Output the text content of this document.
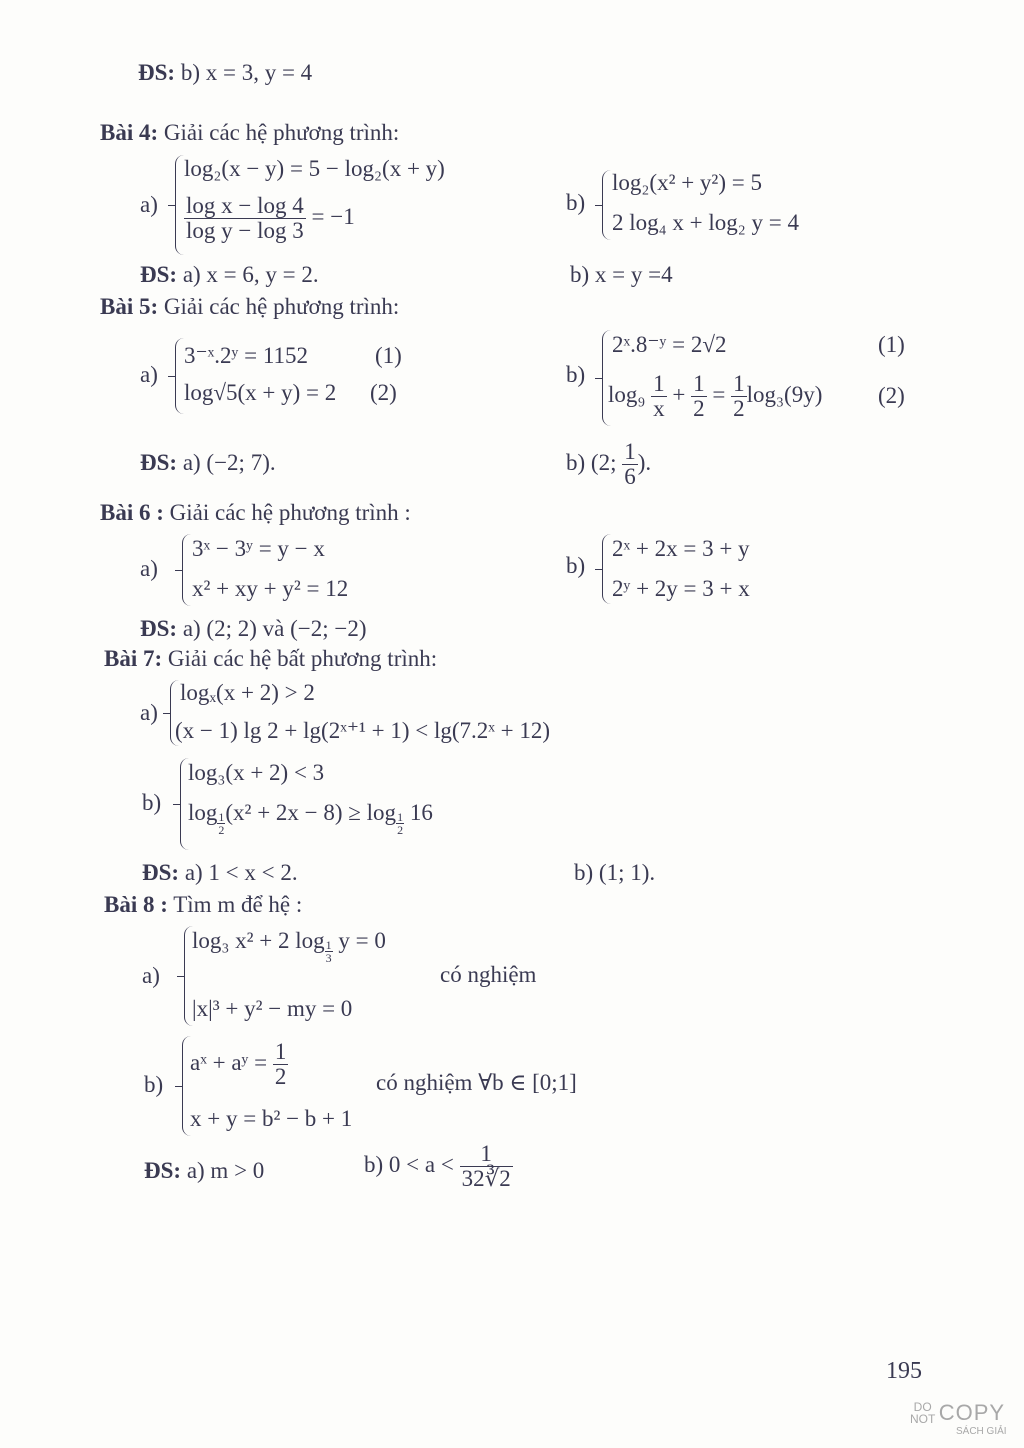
ĐS: b) x = 3, y = 4
Bài 4: Giải các hệ phương trình:
a)
log₂(x − y) = 5 − log₂(x + y)
$\frac{\text{log x − log 4}}{\text{log y − log 3}} = -1$
b)
log₂(x² + y²) = 5
2 log₄ x + log₂ y = 4
ĐS: a) x = 6, y = 2.	b) x = y =4
Bài 5: Giải các hệ phương trình:
a)
3⁻ˣ.2ʸ = 1152	(1)
log√5(x + y) = 2 (2)
b)
2ˣ.8⁻ʸ = 2√2	(1)
$\log_9 \frac{1}{x} + \frac{1}{2} = \frac{1}{2} \log_3(9y)$ (2)
ĐS: a) (−2; 7).	b) (2; $\frac{1}{6}$ ).
Bài 6 : Giải các hệ phương trình :
a)
3ˣ − 3ʸ = y − x
x² + xy + y² = 12
b)
2ˣ + 2x = 3 + y
2ʸ + 2y = 3 + x
ĐS: a) (2; 2) và (−2; −2)
Bài 7: Giải các hệ bất phương trình:
a)
logₓ(x + 2) > 2
(x − 1) lg 2 + lg(2ˣ⁺¹ + 1) < lg(7.2ˣ + 12)
b)
log₃(x + 2) < 3
$\log \frac{1}{2} (x^2 + 2x - 8) \ge \log \frac{1}{2} 16$
ĐS: a) 1 < x < 2.	b) (1; 1).
Bài 8 : Tìm m để hệ :
a)
log₃ x² + 2 $\log \frac{1}{3}$ y = 0
|x|³ + y² − my = 0
có nghiệm
b)
aˣ + aʸ = $\frac{1}{2}$
x + y = b² − b + 1
có nghiệm ∀b ∈ [0;1]
ĐS: a) m > 0	b) $0 < a < \frac{1}{32∛2}$
195
DO
NOT COPY
SÁCH GIẢI
